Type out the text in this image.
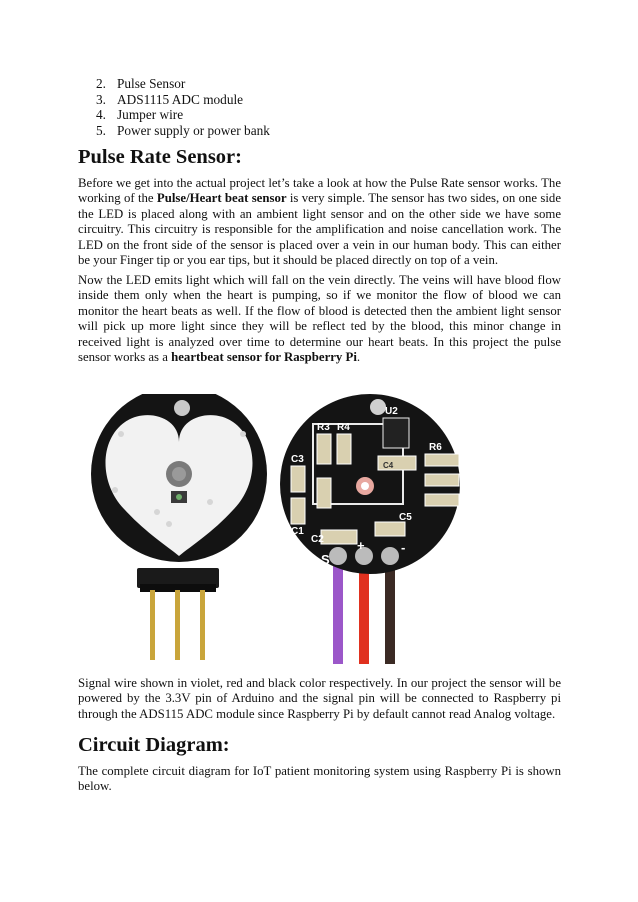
2. Pulse Sensor
3. ADS1115 ADC module
4. Jumper wire
5. Power supply or power bank
Pulse Rate Sensor:

Before we get into the actual project let’s take a look at how the Pulse Rate sensor works. The working of the Pulse/Heart beat sensor is very simple. The sensor has two sides, on one side the LED is placed along with an ambient light sensor and on the other side we have some circuitry. This circuitry is responsible for the amplification and noise cancellation work. The LED on the front side of the sensor is placed over a vein in our human body. This can either be your Finger tip or you ear tips, but it should be placed directly on top of a vein.

Now the LED emits light which will fall on the vein directly. The veins will have blood flow inside them only when the heart is pumping, so if we monitor the flow of blood we can monitor the heart beats as well. If the flow of blood is detected then the ambient light sensor will pick up more light since they will be reflect ted by the blood, this minor change in received light is analyzed over time to determine our heart beats. In this project the pulse sensor works as a heartbeat sensor for Raspberry Pi.

U2
R3 R4
R6
R1
R2
C1
C2
C3
C4
C5
S
+	-

Signal wire shown in violet, red and black color respectively. In our project the sensor will be powered by the 3.3V pin of Arduino and the signal pin will be connected to Raspberry pi through the ADS115 ADC module since Raspberry Pi by default cannot read Analog voltage.

Circuit Diagram:

The complete circuit diagram for IoT patient monitoring system using Raspberry Pi is shown below.
